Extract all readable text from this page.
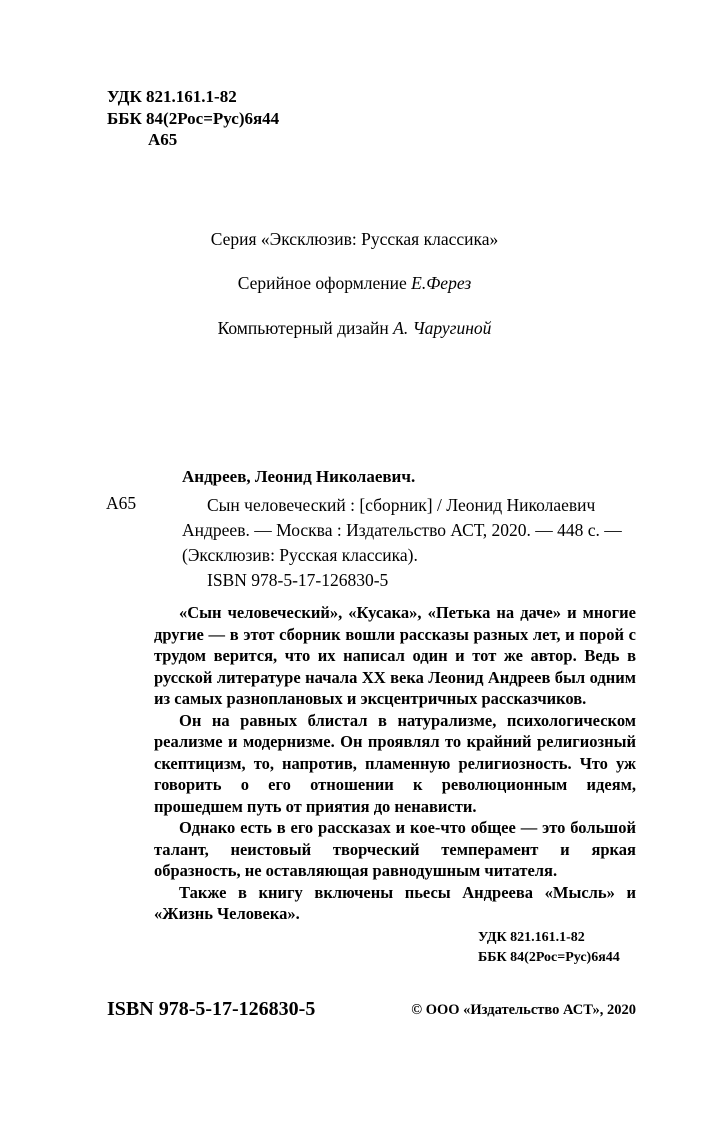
УДК 821.161.1-82
ББК 84(2Рос=Рус)6я44
А65
Серия «Эксклюзив: Русская классика»
Серийное оформление Е.Ферез
Компьютерный дизайн А. Чаругиной
Андреев, Леонид Николаевич.
А65	Сын человеческий : [сборник] / Леонид Николаевич
Андреев. — Москва : Издательство АСТ, 2020. — 448 с. —
(Эксклюзив: Русская классика).
ISBN 978-5-17-126830-5

«Сын человеческий», «Кусака», «Петька на даче» и многие другие — в этот сборник вошли рассказы разных лет, и порой с трудом верится, что их написал один и тот же автор. Ведь в русской литературе начала XX века Леонид Андреев был одним из самых разноплановых и эксцентричных рассказчиков.

Он на равных блистал в натурализме, психологическом реализме и модернизме. Он проявлял то крайний религиозный скептицизм, то, напротив, пламенную религиозность. Что уж говорить о его отношении к революционным идеям, прошедшем путь от приятия до ненависти.

Однако есть в его рассказах и кое-что общее — это большой талант, неистовый творческий темперамент и яркая образность, не оставляющая равнодушным читателя.

Также в книгу включены пьесы Андреева «Мысль» и «Жизнь Человека».

УДК 821.161.1-82
ББК 84(2Рос=Рус)6я44
ISBN 978-5-17-126830-5	© ООО «Издательство АСТ», 2020
